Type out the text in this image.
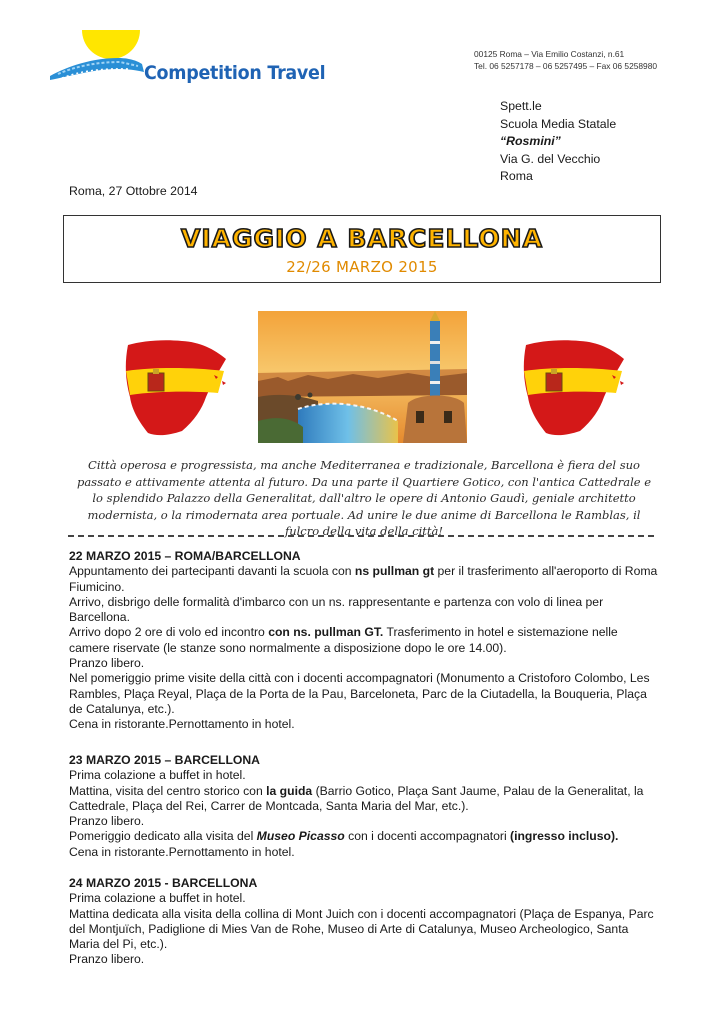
Competition Travel
00125 Roma – Via Emilio Costanzi, n.61
Tel. 06 5257178 – 06 5257495 – Fax 06 5258980
Spett.le
Scuola Media Statale
“Rosmini”
Via G. del Vecchio
Roma
Roma, 27 Ottobre 2014
VIAGGIO A BARCELLONA
22/26 MARZO 2015
Città operosa e progressista, ma anche Mediterranea e tradizionale, Barcellona è fiera del suo passato e attivamente attenta al futuro. Da una parte il Quartiere Gotico, con l'antica Cattedrale e lo splendido Palazzo della Generalitat, dall'altro le opere di Antonio Gaudì, geniale architetto modernista, o la rimodernata area portuale. Ad unire le due anime di Barcellona le Ramblas, il fulcro della vita della città!

22 MARZO 2015 – ROMA/BARCELLONA

Appuntamento dei partecipanti davanti la scuola con ns pullman gt per il trasferimento all'aeroporto di Roma Fiumicino.

Arrivo, disbrigo delle formalità d'imbarco con un ns. rappresentante e partenza con volo di linea per Barcellona.

Arrivo dopo 2 ore di volo ed incontro con ns. pullman GT. Trasferimento in hotel e sistemazione nelle camere riservate (le stanze sono normalmente a disposizione dopo le ore 14.00).

Pranzo libero.

Nel pomeriggio prime visite della città con i docenti accompagnatori (Monumento a Cristoforo Colombo, Les Rambles, Plaça Reyal, Plaça de la Porta de la Pau, Barceloneta, Parc de la Ciutadella, la Bouqueria, Plaça de Catalunya, etc.).

Cena in ristorante.Pernottamento in hotel.

23 MARZO 2015 – BARCELLONA

Prima colazione a buffet in hotel.

Mattina, visita del centro storico con la guida (Barrio Gotico, Plaça Sant Jaume, Palau de la Generalitat, la Cattedrale, Plaça del Rei, Carrer de Montcada, Santa Maria del Mar, etc.).

Pranzo libero.

Pomeriggio dedicato alla visita del Museo Picasso con i docenti accompagnatori (ingresso incluso).

Cena in ristorante.Pernottamento in hotel.

24 MARZO 2015 - BARCELLONA

Prima colazione a buffet in hotel.

Mattina dedicata alla visita della collina di Mont Juich con i docenti accompagnatori (Plaça de Espanya, Parc del Montjuïch, Padiglione di Mies Van de Rohe, Museo di Arte di Catalunya, Museo Archeologico, Santa Maria del Pi, etc.).

Pranzo libero.
